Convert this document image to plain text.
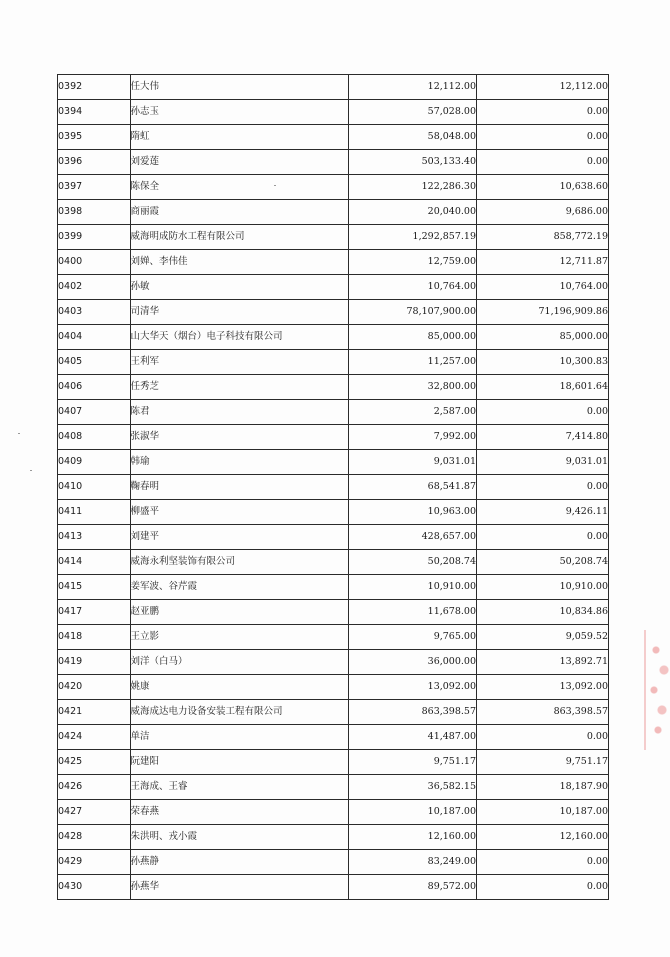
0392	任大伟	12,112.00	12,112.00
0394	孙志玉	57,028.00	0.00
0395	隋虹	58,048.00	0.00
0396	刘爱莲	503,133.40	0.00
0397	陈保全	122,286.30	10,638.60
0398	商丽霞	20,040.00	9,686.00
0399	威海明成防水工程有限公司	1,292,857.19	858,772.19
0400	刘婵、李伟佳	12,759.00	12,711.87
0402	孙敏	10,764.00	10,764.00
0403	司清华	78,107,900.00	71,196,909.86
0404	山大华天（烟台）电子科技有限公司	85,000.00	85,000.00
0405	王利军	11,257.00	10,300.83
0406	任秀芝	32,800.00	18,601.64
0407	陈君	2,587.00	0.00
0408	张淑华	7,992.00	7,414.80
0409	韩瑜	9,031.01	9,031.01
0410	鞠春明	68,541.87	0.00
0411	柳盛平	10,963.00	9,426.11
0413	刘建平	428,657.00	0.00
0414	威海永利坚装饰有限公司	50,208.74	50,208.74
0415	姜军波、谷芹霞	10,910.00	10,910.00
0417	赵亚鹏	11,678.00	10,834.86
0418	王立影	9,765.00	9,059.52
0419	刘洋（白马）	36,000.00	13,892.71
0420	姚康	13,092.00	13,092.00
0421	威海成达电力设备安装工程有限公司	863,398.57	863,398.57
0424	单洁	41,487.00	0.00
0425	阮建阳	9,751.17	9,751.17
0426	王海成、王睿	36,582.15	18,187.90
0427	荣春燕	10,187.00	10,187.00
0428	朱洪明、戎小霞	12,160.00	12,160.00
0429	孙燕静	83,249.00	0.00
0430	孙燕华	89,572.00	0.00
